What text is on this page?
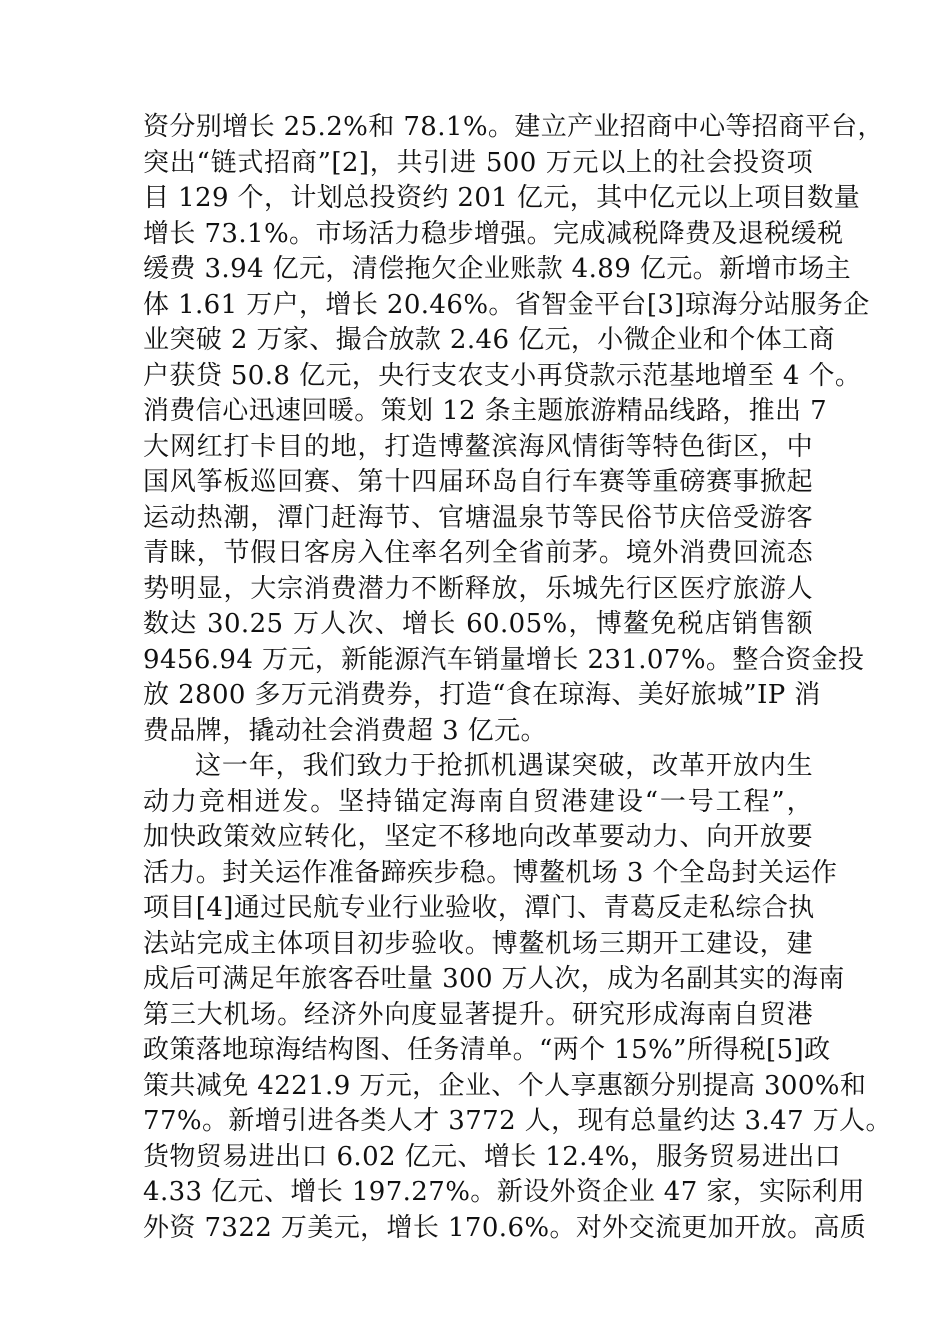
资分别增长 25.2%和 78.1%。建立产业招商中心等招商平台，
突出“链式招商”[2]，共引进 500 万元以上的社会投资项
目 129 个，计划总投资约 201 亿元，其中亿元以上项目数量
增长 73.1%。市场活力稳步增强。完成减税降费及退税缓税
缓费 3.94 亿元，清偿拖欠企业账款 4.89 亿元。新增市场主
体 1.61 万户，增长 20.46%。省智金平台[3]琼海分站服务企
业突破 2 万家、撮合放款 2.46 亿元，小微企业和个体工商
户获贷 50.8 亿元，央行支农支小再贷款示范基地增至 4 个。
消费信心迅速回暖。策划 12 条主题旅游精品线路，推出 7
大网红打卡目的地，打造博鳌滨海风情街等特色街区，中
国风筝板巡回赛、第十四届环岛自行车赛等重磅赛事掀起
运动热潮，潭门赶海节、官塘温泉节等民俗节庆倍受游客
青睐，节假日客房入住率名列全省前茅。境外消费回流态
势明显，大宗消费潜力不断释放，乐城先行区医疗旅游人
数达 30.25 万人次、增长 60.05%，博鳌免税店销售额
9456.94 万元，新能源汽车销量增长 231.07%。整合资金投
放 2800 多万元消费券，打造“食在琼海、美好旅城”IP 消
费品牌，撬动社会消费超 3 亿元。
这一年，我们致力于抢抓机遇谋突破，改革开放内生
动力竞相迸发。坚持锚定海南自贸港建设“一号工程”，
加快政策效应转化，坚定不移地向改革要动力、向开放要
活力。封关运作准备蹄疾步稳。博鳌机场 3 个全岛封关运作
项目[4]通过民航专业行业验收，潭门、青葛反走私综合执
法站完成主体项目初步验收。博鳌机场三期开工建设，建
成后可满足年旅客吞吐量 300 万人次，成为名副其实的海南
第三大机场。经济外向度显著提升。研究形成海南自贸港
政策落地琼海结构图、任务清单。“两个 15%”所得税[5]政
策共减免 4221.9 万元，企业、个人享惠额分别提高 300%和
77%。新增引进各类人才 3772 人，现有总量约达 3.47 万人。
货物贸易进出口 6.02 亿元、增长 12.4%，服务贸易进出口
4.33 亿元、增长 197.27%。新设外资企业 47 家，实际利用
外资 7322 万美元，增长 170.6%。对外交流更加开放。高质
